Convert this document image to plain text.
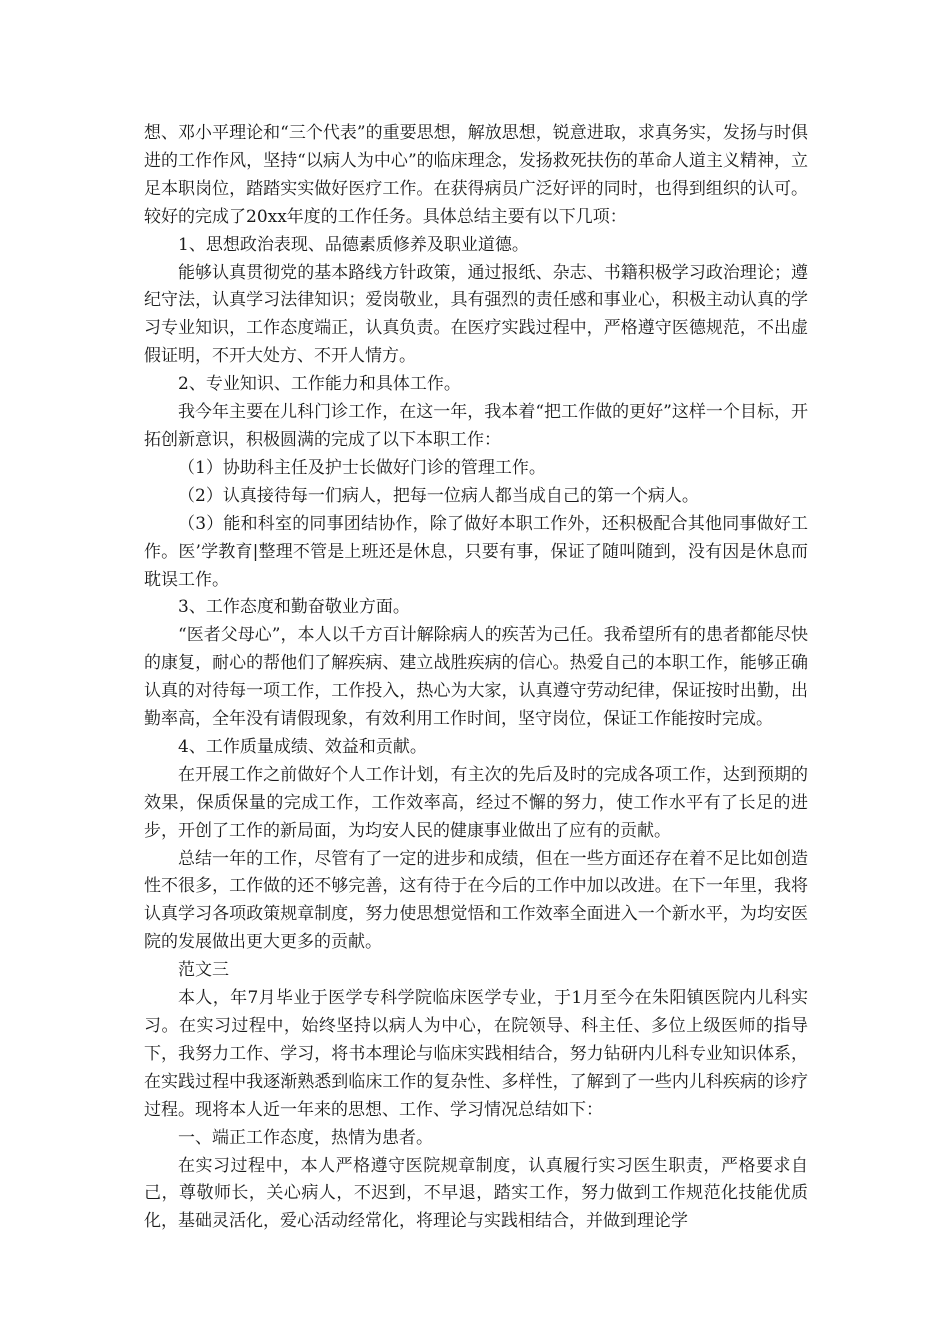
想、邓小平理论和“三个代表”的重要思想，解放思想，锐意进取，求真务实，发扬与时俱进的工作作风，坚持“以病人为中心”的临床理念，发扬救死扶伤的革命人道主义精神，立足本职岗位，踏踏实实做好医疗工作。在获得病员广泛好评的同时，也得到组织的认可。较好的完成了20xx年度的工作任务。具体总结主要有以下几项：

1、思想政治表现、品德素质修养及职业道德。

能够认真贯彻党的基本路线方针政策，通过报纸、杂志、书籍积极学习政治理论；遵纪守法，认真学习法律知识；爱岗敬业，具有强烈的责任感和事业心，积极主动认真的学习专业知识，工作态度端正，认真负责。在医疗实践过程中，严格遵守医德规范，不出虚假证明，不开大处方、不开人情方。

2、专业知识、工作能力和具体工作。

我今年主要在儿科门诊工作，在这一年，我本着“把工作做的更好”这样一个目标，开拓创新意识，积极圆满的完成了以下本职工作：

（1）协助科主任及护士长做好门诊的管理工作。

（2）认真接待每一们病人，把每一位病人都当成自己的第一个病人。

（3）能和科室的同事团结协作，除了做好本职工作外，还积极配合其他同事做好工作。医’学教育|整理不管是上班还是休息，只要有事，保证了随叫随到，没有因是休息而耽误工作。

3、工作态度和勤奋敬业方面。

“医者父母心”，本人以千方百计解除病人的疾苦为己任。我希望所有的患者都能尽快的康复，耐心的帮他们了解疾病、建立战胜疾病的信心。热爱自己的本职工作，能够正确认真的对待每一项工作，工作投入，热心为大家，认真遵守劳动纪律，保证按时出勤，出勤率高，全年没有请假现象，有效利用工作时间，坚守岗位，保证工作能按时完成。

4、工作质量成绩、效益和贡献。

在开展工作之前做好个人工作计划，有主次的先后及时的完成各项工作，达到预期的效果，保质保量的完成工作，工作效率高，经过不懈的努力，使工作水平有了长足的进步，开创了工作的新局面，为均安人民的健康事业做出了应有的贡献。

总结一年的工作，尽管有了一定的进步和成绩，但在一些方面还存在着不足比如创造性不很多，工作做的还不够完善，这有待于在今后的工作中加以改进。在下一年里，我将认真学习各项政策规章制度，努力使思想觉悟和工作效率全面进入一个新水平，为均安医院的发展做出更大更多的贡献。

范文三

本人，年7月毕业于医学专科学院临床医学专业，于1月至今在朱阳镇医院内儿科实习。在实习过程中，始终坚持以病人为中心，在院领导、科主任、多位上级医师的指导下，我努力工作、学习，将书本理论与临床实践相结合，努力钻研内儿科专业知识体系，在实践过程中我逐渐熟悉到临床工作的复杂性、多样性，了解到了一些内儿科疾病的诊疗过程。现将本人近一年来的思想、工作、学习情况总结如下：

一、端正工作态度，热情为患者。

在实习过程中，本人严格遵守医院规章制度，认真履行实习医生职责，严格要求自己，尊敬师长，关心病人，不迟到，不早退，踏实工作，努力做到工作规范化技能优质化，基础灵活化，爱心活动经常化，将理论与实践相结合，并做到理论学
